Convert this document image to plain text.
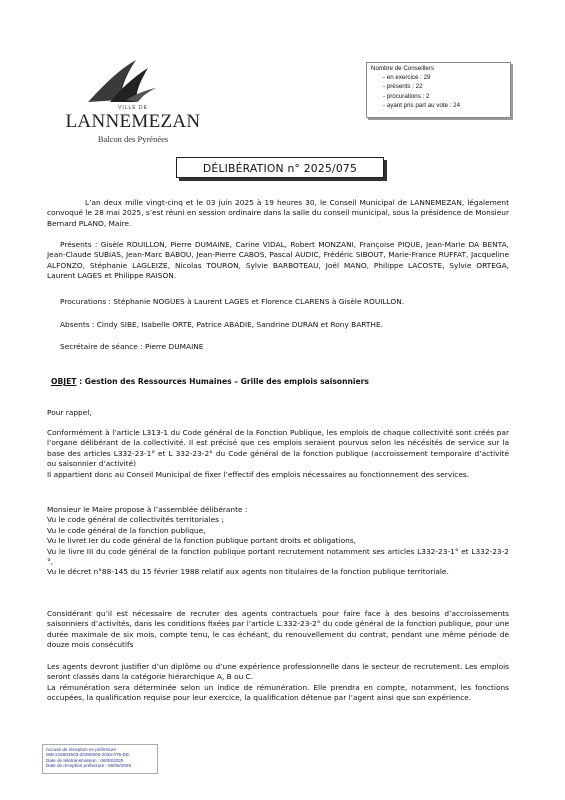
VILLE DE
LANNEMEZAN
Balcon des Pyrénées
Nombre de Conseillers
- en exercice : 29
- présents : 22
- procurations : 2
- ayant pris part au vote : 24
DÉLIBÉRATION n° 2025/075
L’an deux mille vingt-cinq et le 03 juin 2025 à 19 heures 30, le Conseil Municipal de LANNEMEZAN, légalement convoqué le 28 mai 2025, s’est réuni en session ordinaire dans la salle du conseil municipal, sous la présidence de Monsieur Bernard PLANO, Maire.
Présents : Gisèle ROUILLON, Pierre DUMAINE, Carine VIDAL, Robert MONZANI, Françoise PIQUE, Jean-Marie DA BENTA, Jean-Claude SUBIAS, Jean-Marc BABOU, Jean-Pierre CABOS, Pascal AUDIC, Frédéric SIBOUT, Marie-France RUFFAT, Jacqueline ALFONZO, Stéphanie LAGLEIZE, Nicolas TOURON, Sylvie BARBOTEAU, Joël MANO, Philippe LACOSTE, Sylvie ORTEGA, Laurent LAGES et Philippe RAISON.
Procurations : Stéphanie NOGUES à Laurent LAGES et Florence CLARENS à Gisèle ROUILLON.
Absents : Cindy SIBE, Isabelle ORTE, Patrice ABADIE, Sandrine DURAN et Rony BARTHE.
Secrétaire de séance : Pierre DUMAINE
OBJET : Gestion des Ressources Humaines – Grille des emplois saisonniers
Pour rappel,
Conformément à l’article L313-1 du Code général de la Fonction Publique, les emplois de chaque collectivité sont créés par l’organe délibérant de la collectivité. Il est précisé que ces emplois seraient pourvus selon les nécésités de service sur la base des articles L332-23-1° et L 332-23-2° du Code général de la fonction publique (accroissement temporaire d’activité ou saisonnier d’activité)
Il appartient donc au Conseil Municipal de fixer l’effectif des emplois nécessaires au fonctionnement des services.
Monsieur le Maire propose à l’assemblée délibérante :
Vu le code général de collectivités territoriales ;
Vu le code général de la fonction publique,
Vu le livret Ier du code général de la fonction publique portant droits et obligations,
Vu le livre III du code général de la fonction publique portant recrutement notamment ses articles L332-23-1° et L332-23-2 °,
Vu le décret n°88-145 du 15 février 1988 relatif aux agents non titulaires de la fonction publique territoriale.
Considérant qu’il est nécessaire de recruter des agents contractuels pour faire face à des besoins d’accroissements saisonniers d’activités, dans les conditions fixées par l’article L.332-23-2° du code général de la fonction publique, pour une durée maximale de six mois, compte tenu, le cas échéant, du renouvellement du contrat, pendant une même période de douze mois consécutifs
Les agents devront justifier d’un diplôme ou d’une expérience professionnelle dans le secteur de recrutement. Les emplois seront classés dans la catégorie hiérarchique A, B ou C.
La rémunération sera déterminée selon un indice de rémunération. Elle prendra en compte, notamment, les fonctions occupées, la qualification requise pour leur exercice, la qualification détenue par l’agent ainsi que son expérience.
Accusé de réception en préfecture
065-216502503-20250606-2025-075-DE
Date de télétransmission : 06/06/2025
Date de réception préfecture : 06/06/2025
